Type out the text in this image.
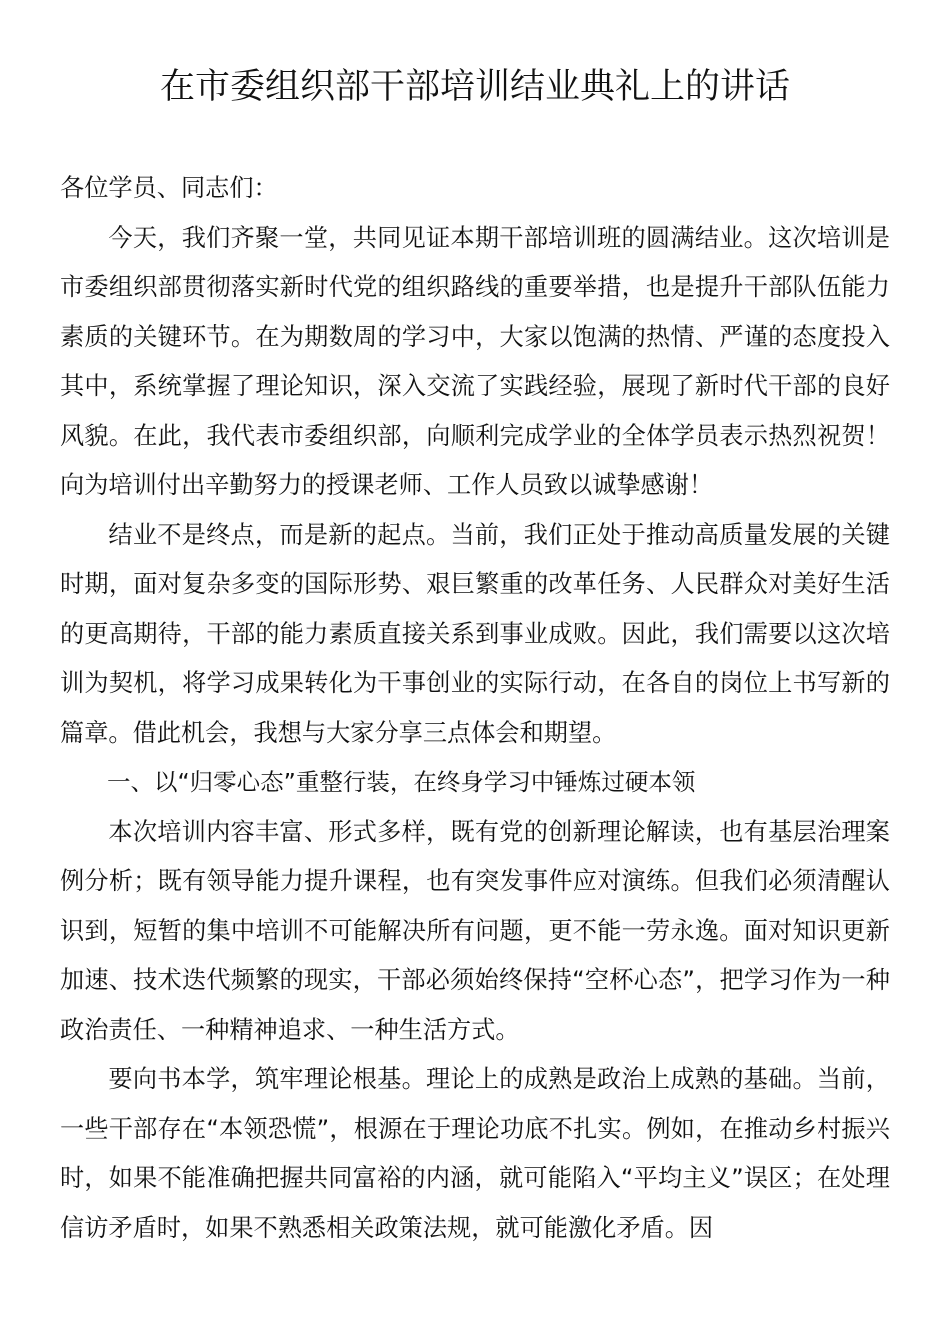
在市委组织部干部培训结业典礼上的讲话

各位学员、同志们：

今天，我们齐聚一堂，共同见证本期干部培训班的圆满结业。这次培训是市委组织部贯彻落实新时代党的组织路线的重要举措，也是提升干部队伍能力素质的关键环节。在为期数周的学习中，大家以饱满的热情、严谨的态度投入其中，系统掌握了理论知识，深入交流了实践经验，展现了新时代干部的良好风貌。在此，我代表市委组织部，向顺利完成学业的全体学员表示热烈祝贺！向为培训付出辛勤努力的授课老师、工作人员致以诚挚感谢！

结业不是终点，而是新的起点。当前，我们正处于推动高质量发展的关键时期，面对复杂多变的国际形势、艰巨繁重的改革任务、人民群众对美好生活的更高期待，干部的能力素质直接关系到事业成败。因此，我们需要以这次培训为契机，将学习成果转化为干事创业的实际行动，在各自的岗位上书写新的篇章。借此机会，我想与大家分享三点体会和期望。

一、以“归零心态”重整行装，在终身学习中锤炼过硬本领

本次培训内容丰富、形式多样，既有党的创新理论解读，也有基层治理案例分析；既有领导能力提升课程，也有突发事件应对演练。但我们必须清醒认识到，短暂的集中培训不可能解决所有问题，更不能一劳永逸。面对知识更新加速、技术迭代频繁的现实，干部必须始终保持“空杯心态”，把学习作为一种政治责任、一种精神追求、一种生活方式。

要向书本学，筑牢理论根基。理论上的成熟是政治上成熟的基础。当前，一些干部存在“本领恐慌”，根源在于理论功底不扎实。例如，在推动乡村振兴时，如果不能准确把握共同富裕的内涵，就可能陷入“平均主义”误区；在处理信访矛盾时，如果不熟悉相关政策法规，就可能激化矛盾。因
